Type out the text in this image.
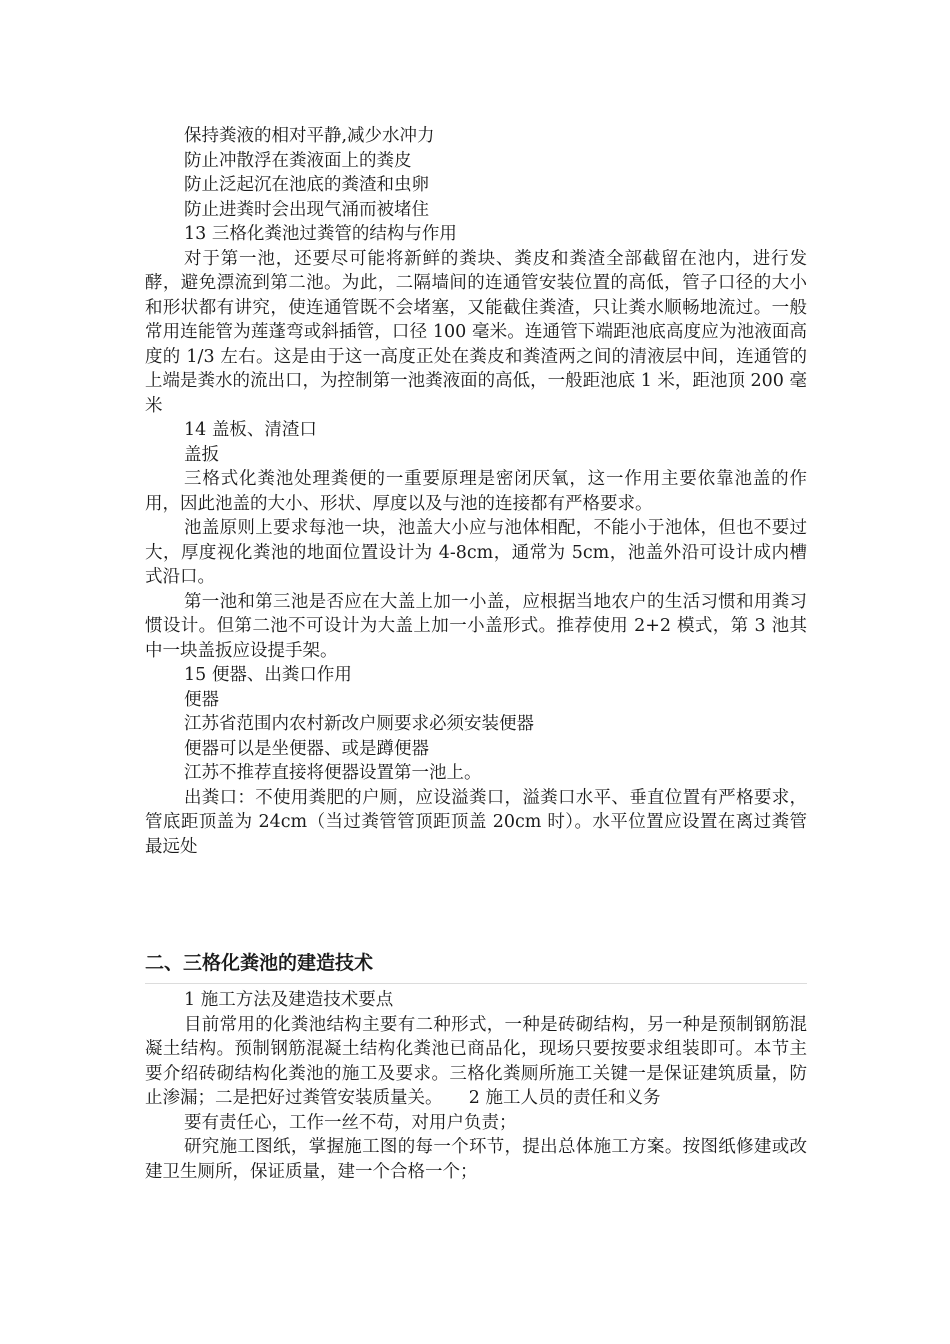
保持粪液的相对平静,减少水冲力

防止冲散浮在粪液面上的粪皮

防止泛起沉在池底的粪渣和虫卵

防止进粪时会出现气涌而被堵住

13 三格化粪池过粪管的结构与作用

对于第一池，还要尽可能将新鲜的粪块、粪皮和粪渣全部截留在池内，进行发酵，避免漂流到第二池。为此，二隔墙间的连通管安装位置的高低，管子口径的大小和形状都有讲究，使连通管既不会堵塞，又能截住粪渣，只让粪水顺畅地流过。一般常用连能管为莲蓬弯或斜插管，口径 100 毫米。连通管下端距池底高度应为池液面高度的 1/3 左右。这是由于这一高度正处在粪皮和粪渣两之间的清液层中间，连通管的上端是粪水的流出口，为控制第一池粪液面的高低，一般距池底 1 米，距池顶 200 毫米

14 盖板、清渣口

盖扳

三格式化粪池处理粪便的一重要原理是密闭厌氧，这一作用主要依靠池盖的作用，因此池盖的大小、形状、厚度以及与池的连接都有严格要求。

池盖原则上要求每池一块，池盖大小应与池体相配，不能小于池体，但也不要过大，厚度视化粪池的地面位置设计为 4-8cm，通常为 5cm，池盖外沿可设计成内槽式沿口。

第一池和第三池是否应在大盖上加一小盖，应根据当地农户的生活习惯和用粪习惯设计。但第二池不可设计为大盖上加一小盖形式。推荐使用 2+2 模式，第 3 池其中一块盖扳应设提手架。

15 便器、出粪口作用

便器

江苏省范围内农村新改户厕要求必须安装便器

便器可以是坐便器、或是蹲便器

江苏不推荐直接将便器设置第一池上。

出粪口：不使用粪肥的户厕，应设溢粪口，溢粪口水平、垂直位置有严格要求，管底距顶盖为 24cm（当过粪管管顶距顶盖 20cm 时）。水平位置应设置在离过粪管最远处

二、三格化粪池的建造技术

1 施工方法及建造技术要点

目前常用的化粪池结构主要有二种形式，一种是砖砌结构，另一种是预制钢筋混凝土结构。预制钢筋混凝土结构化粪池已商品化，现场只要按要求组装即可。本节主要介绍砖砌结构化粪池的施工及要求。三格化粪厕所施工关键一是保证建筑质量，防止渗漏；二是把好过粪管安装质量关。　　2 施工人员的责任和义务

要有责任心，工作一丝不苟，对用户负责；

研究施工图纸，掌握施工图的每一个环节，提出总体施工方案。按图纸修建或改建卫生厕所，保证质量，建一个合格一个；
